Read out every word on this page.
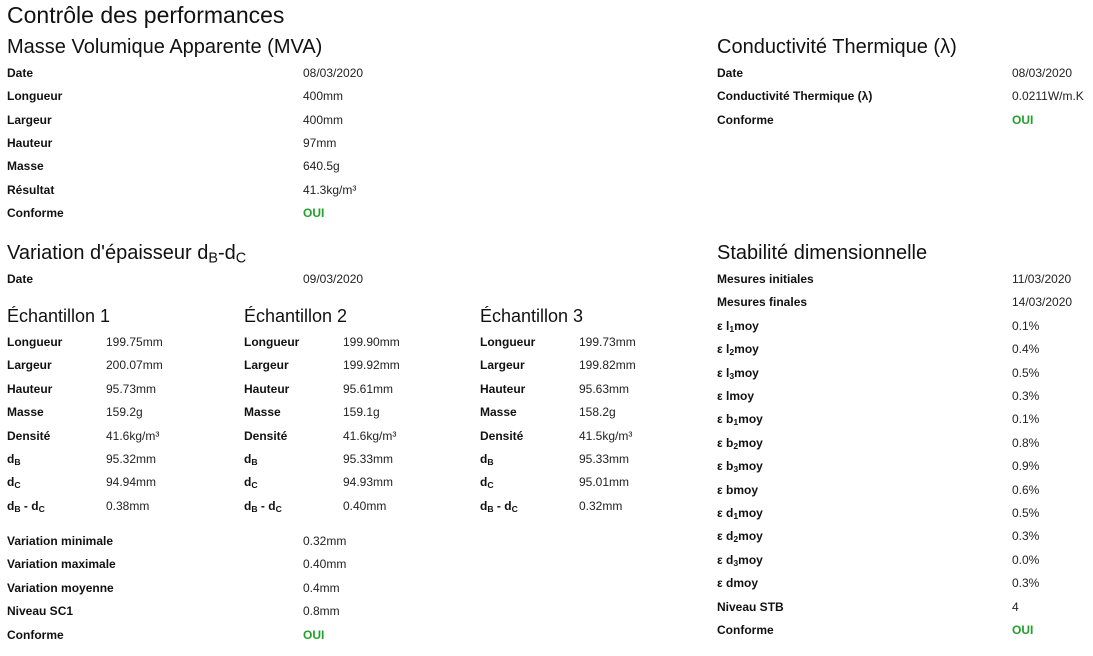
Contrôle des performances
Masse Volumique Apparente (MVA)
Date	08/03/2020
Longueur	400mm
Largeur	400mm
Hauteur	97mm
Masse	640.5g
Résultat	41.3kg/m³
Conforme	OUI
Conductivité Thermique (λ)
Date	08/03/2020
Conductivité Thermique (λ)	0.0211W/m.K
Conforme	OUI
Variation d'épaisseur $d_B-d_C$
Date	09/03/2020
Échantillon 1
Longueur	199.75mm
Largeur	200.07mm
Hauteur	95.73mm
Masse	159.2g
Densité	41.6kg/m³
$d_B$	95.32mm
$d_C$	94.94mm
$d_B - d_C$	0.38mm
Échantillon 2
Longueur	199.90mm
Largeur	199.92mm
Hauteur	95.61mm
Masse	159.1g
Densité	41.6kg/m³
$d_B$	95.33mm
$d_C$	94.93mm
$d_B - d_C$	0.40mm
Échantillon 3
Longueur	199.73mm
Largeur	199.82mm
Hauteur	95.63mm
Masse	158.2g
Densité	41.5kg/m³
$d_B$	95.33mm
$d_C$	95.01mm
$d_B - d_C$	0.32mm
Variation minimale	0.32mm
Variation maximale	0.40mm
Variation moyenne	0.4mm
Niveau SC1	0.8mm
Conforme	OUI
Stabilité dimensionnelle
Mesures initiales	11/03/2020
Mesures finales	14/03/2020
ε $l_1moy$	0.1%
ε $l_2moy$	0.4%
ε $l_3moy$	0.5%
ε lmoy	0.3%
ε $b_1moy$	0.1%
ε $b_2moy$	0.8%
ε $b_3moy$	0.9%
ε bmoy	0.6%
ε $d_1moy$	0.5%
ε $d_2moy$	0.3%
ε $d_3moy$	0.0%
ε dmoy	0.3%
Niveau STB	4
Conforme	OUI
